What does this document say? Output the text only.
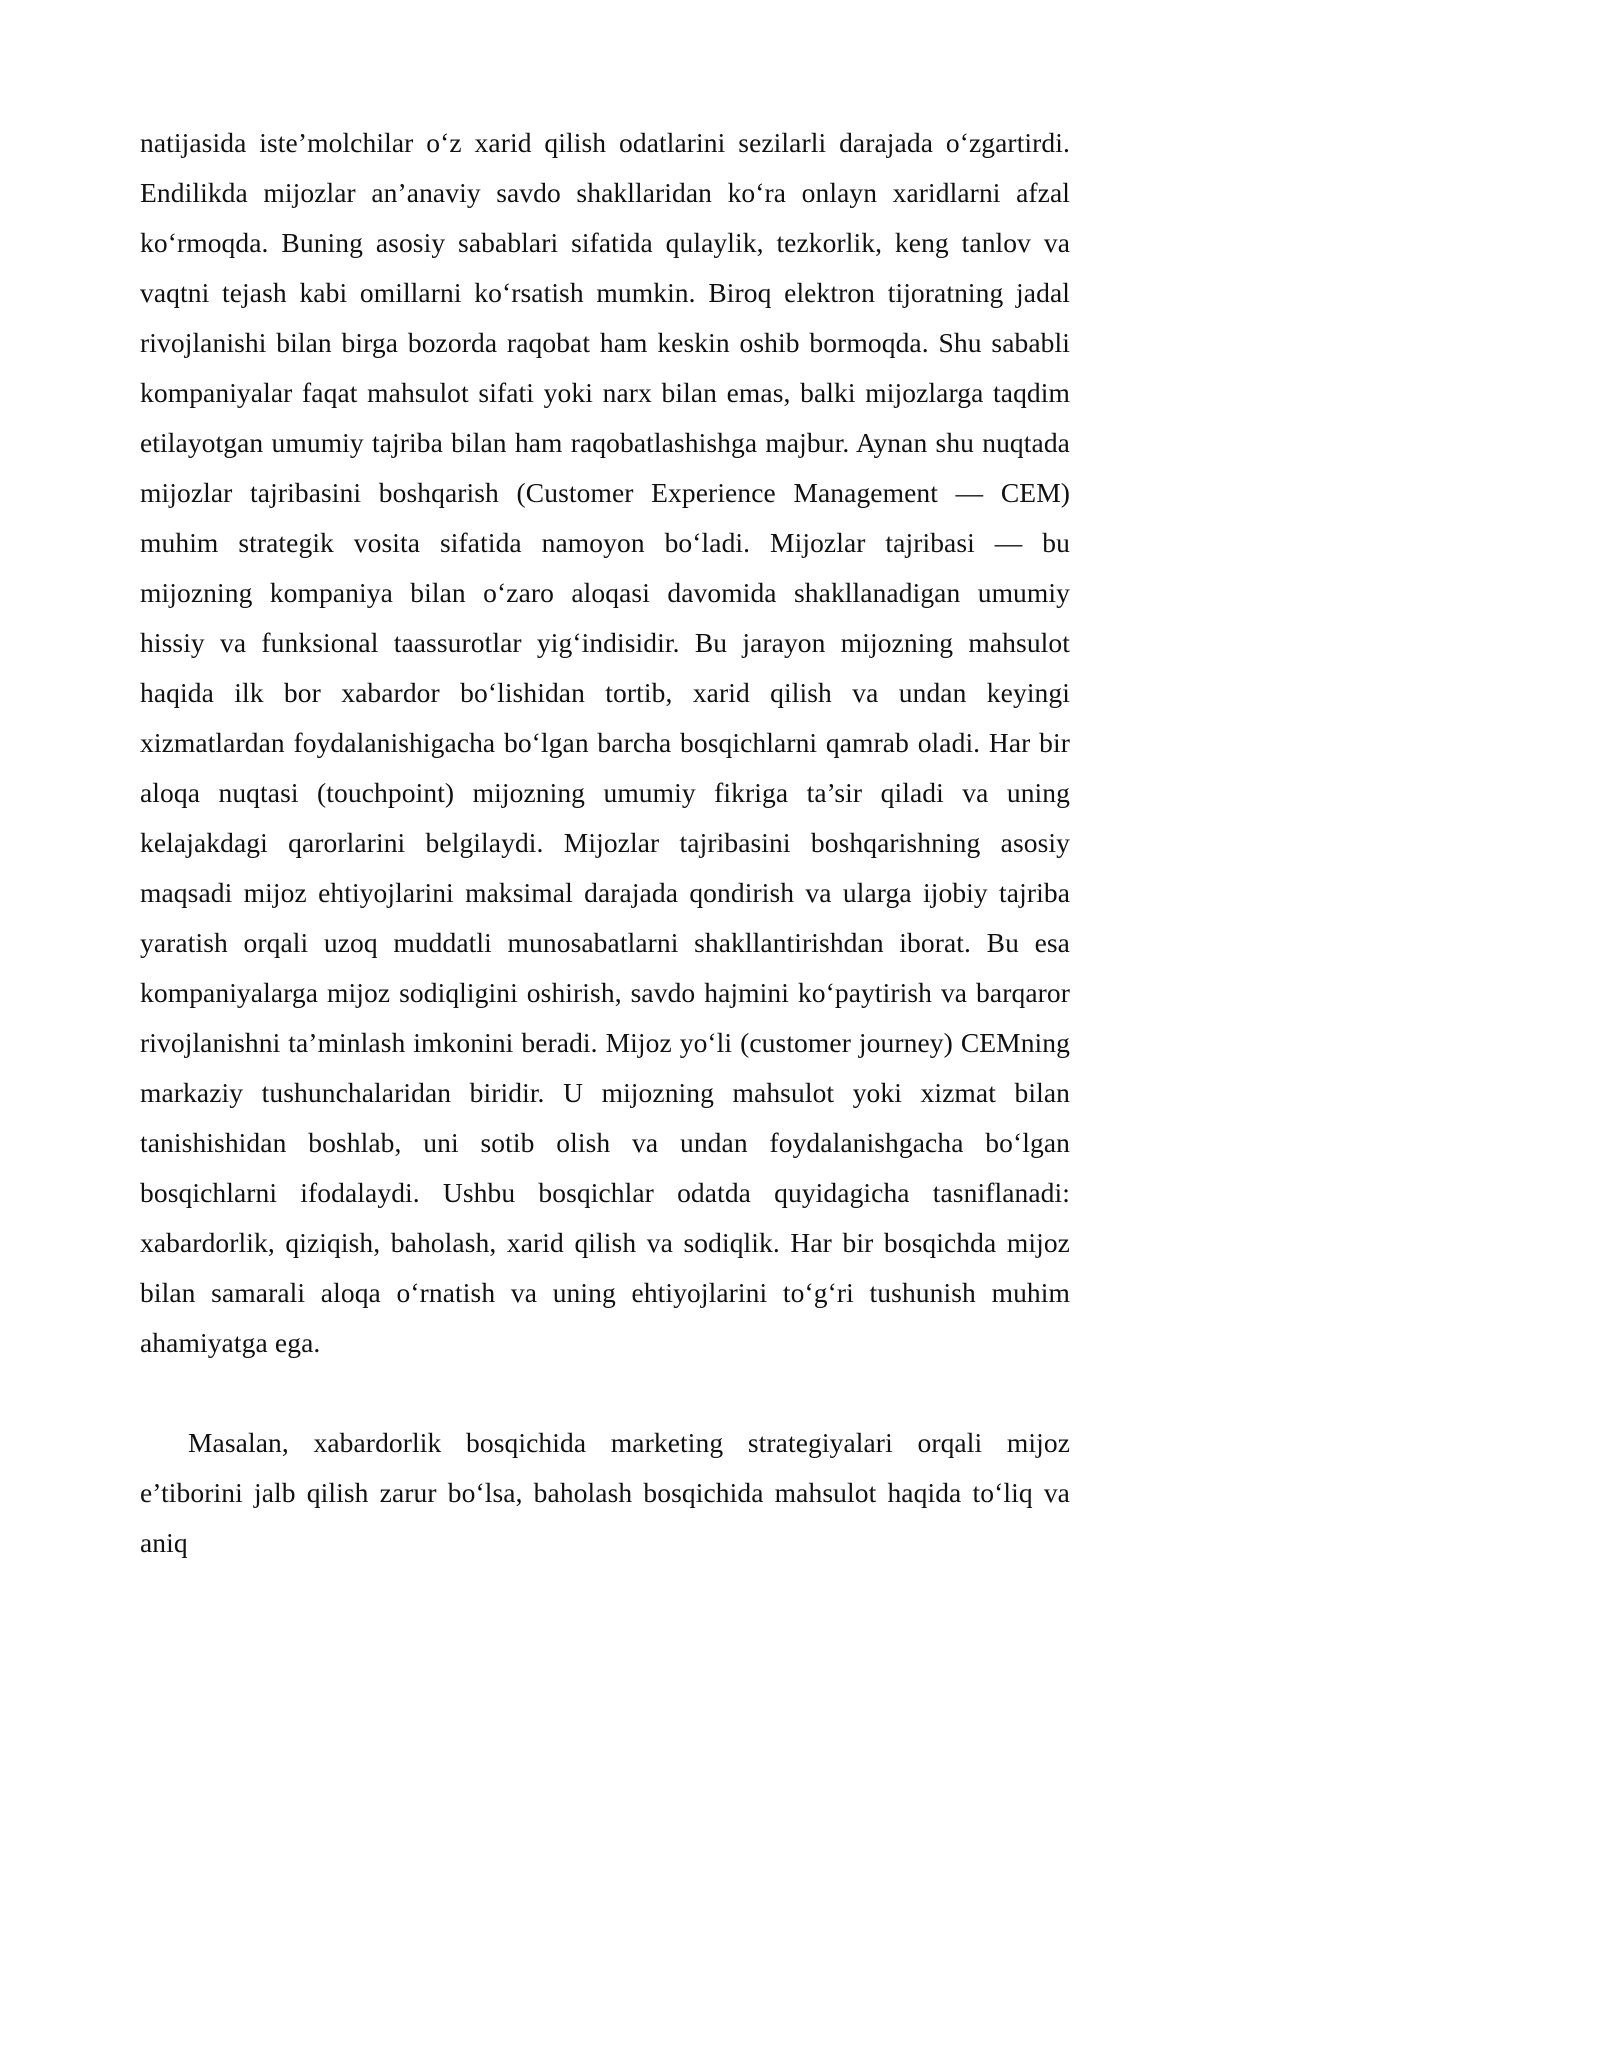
natijasida iste’molchilar o‘z xarid qilish odatlarini sezilarli darajada o‘zgartirdi. Endilikda mijozlar an’anaviy savdo shakllaridan ko‘ra onlayn xaridlarni afzal ko‘rmoqda. Buning asosiy sabablari sifatida qulaylik, tezkorlik, keng tanlov va vaqtni tejash kabi omillarni ko‘rsatish mumkin. Biroq elektron tijoratning jadal rivojlanishi bilan birga bozorda raqobat ham keskin oshib bormoqda. Shu sababli kompaniyalar faqat mahsulot sifati yoki narx bilan emas, balki mijozlarga taqdim etilayotgan umumiy tajriba bilan ham raqobatlashishga majbur. Aynan shu nuqtada mijozlar tajribasini boshqarish (Customer Experience Management — CEM) muhim strategik vosita sifatida namoyon bo‘ladi. Mijozlar tajribasi — bu mijozning kompaniya bilan o‘zaro aloqasi davomida shakllanadigan umumiy hissiy va funksional taassurotlar yig‘indisidir. Bu jarayon mijozning mahsulot haqida ilk bor xabardor bo‘lishidan tortib, xarid qilish va undan keyingi xizmatlardan foydalanishigacha bo‘lgan barcha bosqichlarni qamrab oladi. Har bir aloqa nuqtasi (touchpoint) mijozning umumiy fikriga ta’sir qiladi va uning kelajakdagi qarorlarini belgilaydi. Mijozlar tajribasini boshqarishning asosiy maqsadi mijoz ehtiyojlarini maksimal darajada qondirish va ularga ijobiy tajriba yaratish orqali uzoq muddatli munosabatlarni shakllantirishdan iborat. Bu esa kompaniyalarga mijoz sodiqligini oshirish, savdo hajmini ko‘paytirish va barqaror rivojlanishni ta’minlash imkonini beradi. Mijoz yo‘li (customer journey) CEMning markaziy tushunchalaridan biridir. U mijozning mahsulot yoki xizmat bilan tanishishidan boshlab, uni sotib olish va undan foydalanishgacha bo‘lgan bosqichlarni ifodalaydi. Ushbu bosqichlar odatda quyidagicha tasniflanadi: xabardorlik, qiziqish, baholash, xarid qilish va sodiqlik. Har bir bosqichda mijoz bilan samarali aloqa o‘rnatish va uning ehtiyojlarini to‘g‘ri tushunish muhim ahamiyatga ega.

Masalan, xabardorlik bosqichida marketing strategiyalari orqali mijoz e’tiborini jalb qilish zarur bo‘lsa, baholash bosqichida mahsulot haqida to‘liq va aniq
